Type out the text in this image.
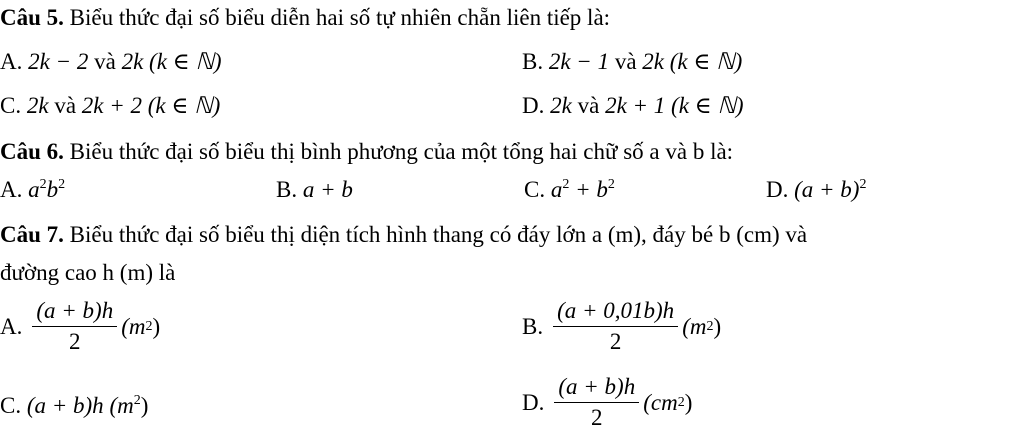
Câu 5. Biểu thức đại số biểu diễn hai số tự nhiên chẵn liên tiếp là:
A. 2k − 2 và 2k (k ∈ ℕ)	B. 2k − 1 và 2k (k ∈ ℕ)
C. 2k và 2k + 2 (k ∈ ℕ)	D. 2k và 2k + 1 (k ∈ ℕ)
Câu 6. Biểu thức đại số biểu thị bình phương của một tổng hai chữ số a và b là:
A. $a^2b^2$	B. a + b	C. $a^2 + b^2$	D. $(a + b)^2$
Câu 7. Biểu thức đại số biểu thị diện tích hình thang có đáy lớn a (m), đáy bé b (cm) và
đường cao h (m) là
A. $\frac{(a + b)h}{2} (m$ 2 )	B. $\frac{(a + 0,01b)h}{2} (m$ 2 )
C. (a + b)h $(m^2)$	D. $\frac{(a + b)h}{2} (cm$ 2 )
